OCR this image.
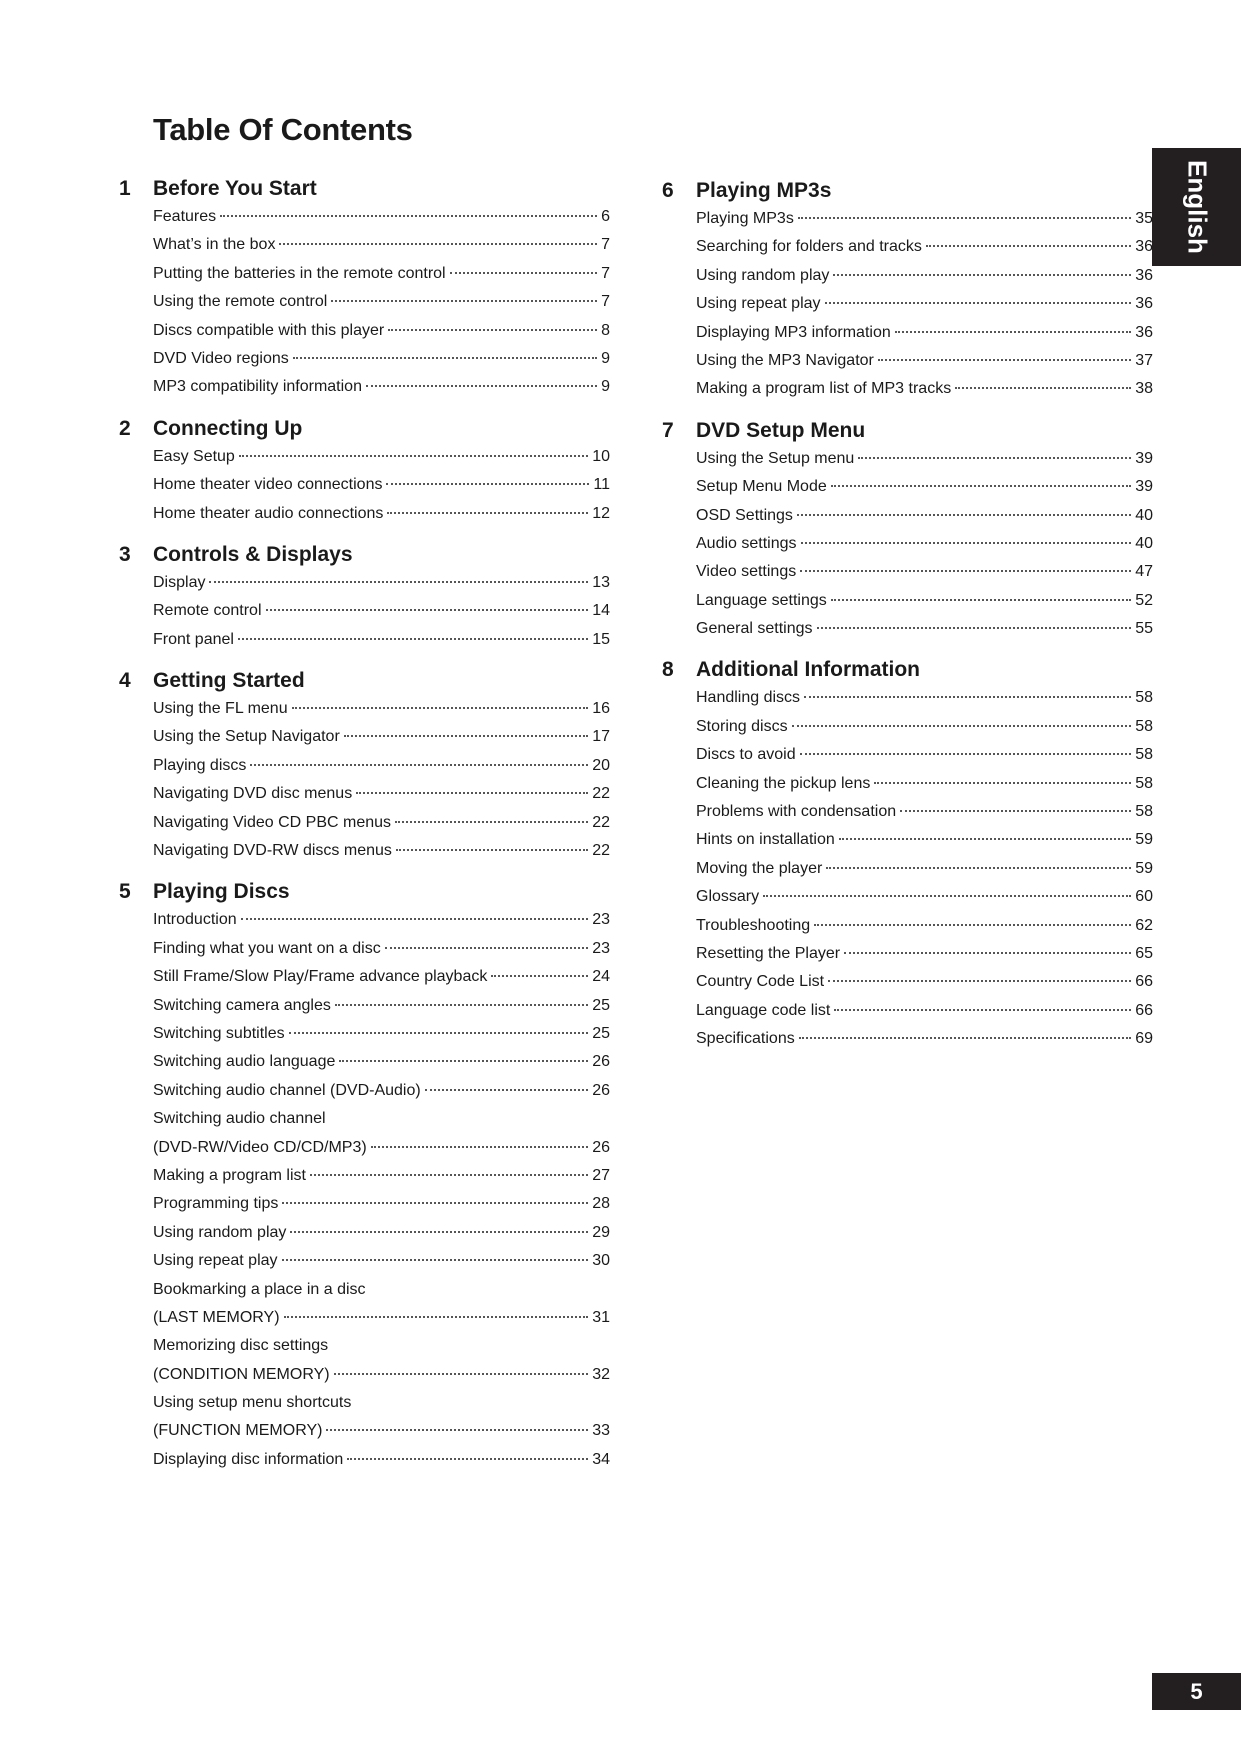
Table Of Contents
English
1	Before You Start
Features	6
What’s in the box	7
Putting the batteries in the remote control	7
Using the remote control	7
Discs compatible with this player	8
DVD Video regions	9
MP3 compatibility information	9
2	Connecting Up
Easy Setup	10
Home theater video connections	11
Home theater audio connections	12
3	Controls & Displays
Display	13
Remote control	14
Front panel	15
4	Getting Started
Using the FL menu	16
Using the Setup Navigator	17
Playing discs	20
Navigating DVD disc menus	22
Navigating Video CD PBC menus	22
Navigating DVD-RW discs menus	22
5	Playing Discs
Introduction	23
Finding what you want on a disc	23
Still Frame/Slow Play/Frame advance playback	24
Switching camera angles	25
Switching subtitles	25
Switching audio language	26
Switching audio channel (DVD-Audio)	26
Switching audio channel
(DVD-RW/Video CD/CD/MP3)	26
Making a program list	27
Programming tips	28
Using random play	29
Using repeat play	30
Bookmarking a place in a disc
(LAST MEMORY)	31
Memorizing disc settings
(CONDITION MEMORY)	32
Using setup menu shortcuts
(FUNCTION MEMORY)	33
Displaying disc information	34
6	Playing MP3s
Playing MP3s	35
Searching for folders and tracks	36
Using random play	36
Using repeat play	36
Displaying MP3 information	36
Using the MP3 Navigator	37
Making a program list of MP3 tracks	38
7	DVD Setup Menu
Using the Setup menu	39
Setup Menu Mode	39
OSD Settings	40
Audio settings	40
Video settings	47
Language settings	52
General settings	55
8	Additional Information
Handling discs	58
Storing discs	58
Discs to avoid	58
Cleaning the pickup lens	58
Problems with condensation	58
Hints on installation	59
Moving the player	59
Glossary	60
Troubleshooting	62
Resetting the Player	65
Country Code List	66
Language code list	66
Specifications	69
5
